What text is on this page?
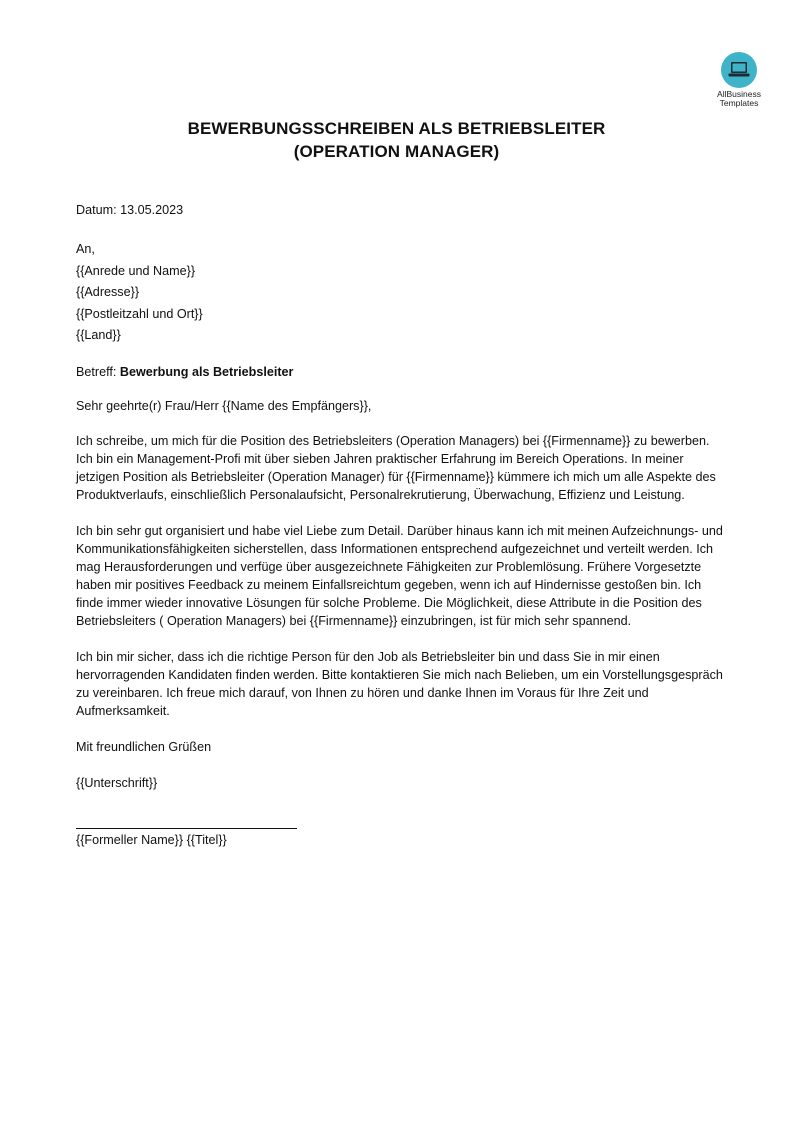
AllBusiness
Templates
BEWERBUNGSSCHREIBEN ALS BETRIEBSLEITER
(OPERATION MANAGER)

Datum: 13.05.2023

An,
{{Anrede und Name}}
{{Adresse}}
{{Postleitzahl und Ort}}
{{Land}}

Betreff: Bewerbung als Betriebsleiter

Sehr geehrte(r) Frau/Herr {{Name des Empfängers}},

Ich schreibe, um mich für die Position des Betriebsleiters (Operation Managers) bei {{Firmenname}} zu bewerben. Ich bin ein Management-Profi mit über sieben Jahren praktischer Erfahrung im Bereich Operations. In meiner jetzigen Position als Betriebsleiter (Operation Manager) für {{Firmenname}} kümmere ich mich um alle Aspekte des Produktverlaufs, einschließlich Personalaufsicht, Personalrekrutierung, Überwachung, Effizienz und Leistung.

Ich bin sehr gut organisiert und habe viel Liebe zum Detail. Darüber hinaus kann ich mit meinen Aufzeichnungs- und Kommunikationsfähigkeiten sicherstellen, dass Informationen entsprechend aufgezeichnet und verteilt werden. Ich mag Herausforderungen und verfüge über ausgezeichnete Fähigkeiten zur Problemlösung. Frühere Vorgesetzte haben mir positives Feedback zu meinem Einfallsreichtum gegeben, wenn ich auf Hindernisse gestoßen bin. Ich finde immer wieder innovative Lösungen für solche Probleme. Die Möglichkeit, diese Attribute in die Position des Betriebsleiters ( Operation Managers) bei {{Firmenname}} einzubringen, ist für mich sehr spannend.

Ich bin mir sicher, dass ich die richtige Person für den Job als Betriebsleiter bin und dass Sie in mir einen hervorragenden Kandidaten finden werden. Bitte kontaktieren Sie mich nach Belieben, um ein Vorstellungsgespräch zu vereinbaren. Ich freue mich darauf, von Ihnen zu hören und danke Ihnen im Voraus für Ihre Zeit und Aufmerksamkeit.

Mit freundlichen Grüßen

{{Unterschrift}}

{{Formeller Name}} {{Titel}}
